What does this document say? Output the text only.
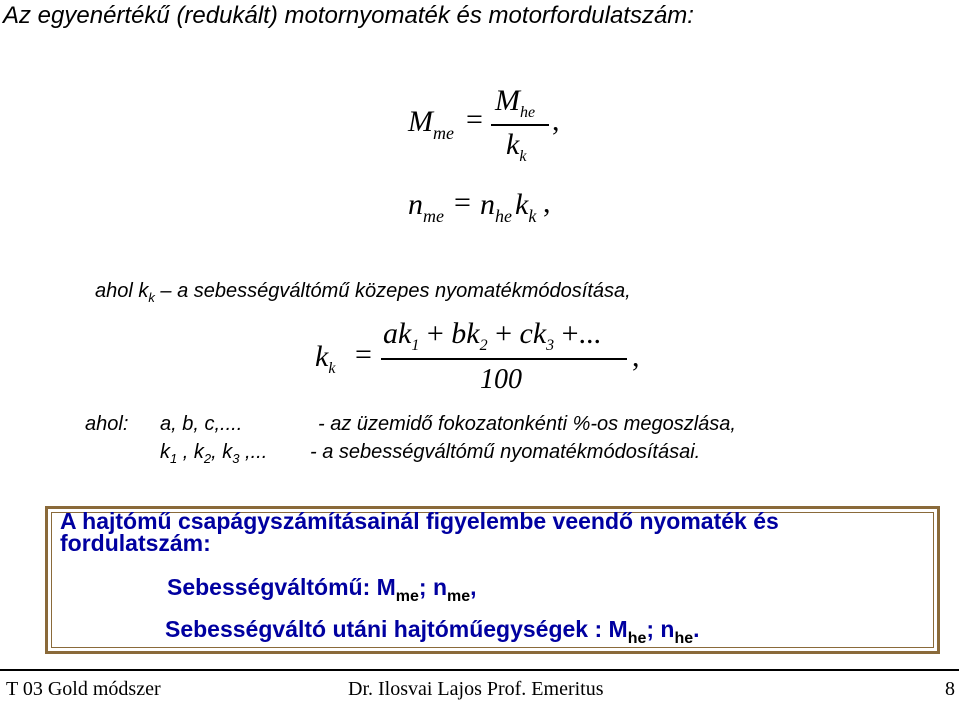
Az egyenértékű (redukált) motornyomaték és motorfordulatszám:
$M_{me}$ =
$M_{he}$
$k_k$
,
$n_{me} = n_{he}$ $k_k$ ,
ahol $k_k$ – a sebességváltómű közepes nyomatékmódosítása,
$k_k$ =
$ak_1 + bk_2 + ck_3$ +...
100
,
ahol: a, b, c,....	- az üzemidő fokozatonkénti %-os megoszlása,
$k_1$ , $k_2$, $k_3$ ,... - a sebességváltómű nyomatékmódosításai.
A hajtómű csapágyszámításainál figyelembe veendő nyomaték és fordulatszám:
Sebességváltómű: $M_{me}$; $n_{me}$,
Sebességváltó utáni hajtóműegységek : $M_{he}$; $n_{he}$.
T 03 Gold módszer	Dr. Ilosvai Lajos Prof. Emeritus	8
